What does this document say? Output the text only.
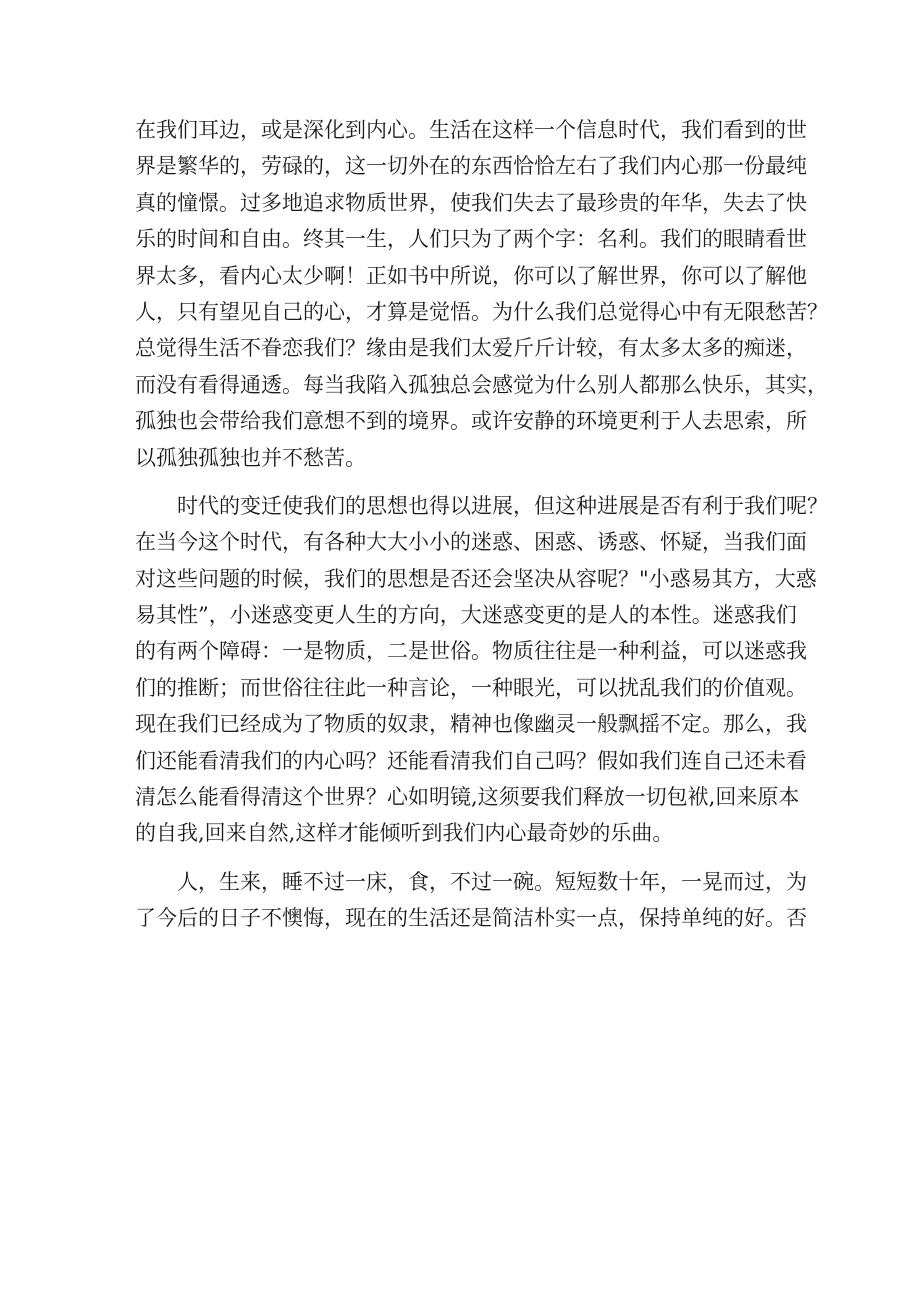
在我们耳边，或是深化到内心。生活在这样一个信息时代，我们看到的世
界是繁华的，劳碌的，这一切外在的东西恰恰左右了我们内心那一份最纯
真的憧憬。过多地追求物质世界，使我们失去了最珍贵的年华，失去了快
乐的时间和自由。终其一生，人们只为了两个字：名利。我们的眼睛看世
界太多，看内心太少啊！正如书中所说，你可以了解世界，你可以了解他
人，只有望见自己的心，才算是觉悟。为什么我们总觉得心中有无限愁苦？
总觉得生活不眷恋我们？缘由是我们太爱斤斤计较，有太多太多的痴迷，
而没有看得通透。每当我陷入孤独总会感觉为什么别人都那么快乐，其实，
孤独也会带给我们意想不到的境界。或许安静的环境更利于人去思索，所
以孤独孤独也并不愁苦。
时代的变迁使我们的思想也得以进展，但这种进展是否有利于我们呢？
在当今这个时代，有各种大大小小的迷惑、困惑、诱惑、怀疑，当我们面
对这些问题的时候，我们的思想是否还会坚决从容呢？"小惑易其方，大惑
易其性”，小迷惑变更人生的方向，大迷惑变更的是人的本性。迷惑我们
的有两个障碍：一是物质，二是世俗。物质往往是一种利益，可以迷惑我
们的推断；而世俗往往此一种言论，一种眼光，可以扰乱我们的价值观。
现在我们已经成为了物质的奴隶，精神也像幽灵一般飘摇不定。那么，我
们还能看清我们的内心吗？还能看清我们自己吗？假如我们连自己还未看
清怎么能看得清这个世界？心如明镜,这须要我们释放一切包袱,回来原本
的自我,回来自然,这样才能倾听到我们内心最奇妙的乐曲。
人，生来，睡不过一床，食，不过一碗。短短数十年，一晃而过，为
了今后的日子不懊悔，现在的生活还是简洁朴实一点，保持单纯的好。否
